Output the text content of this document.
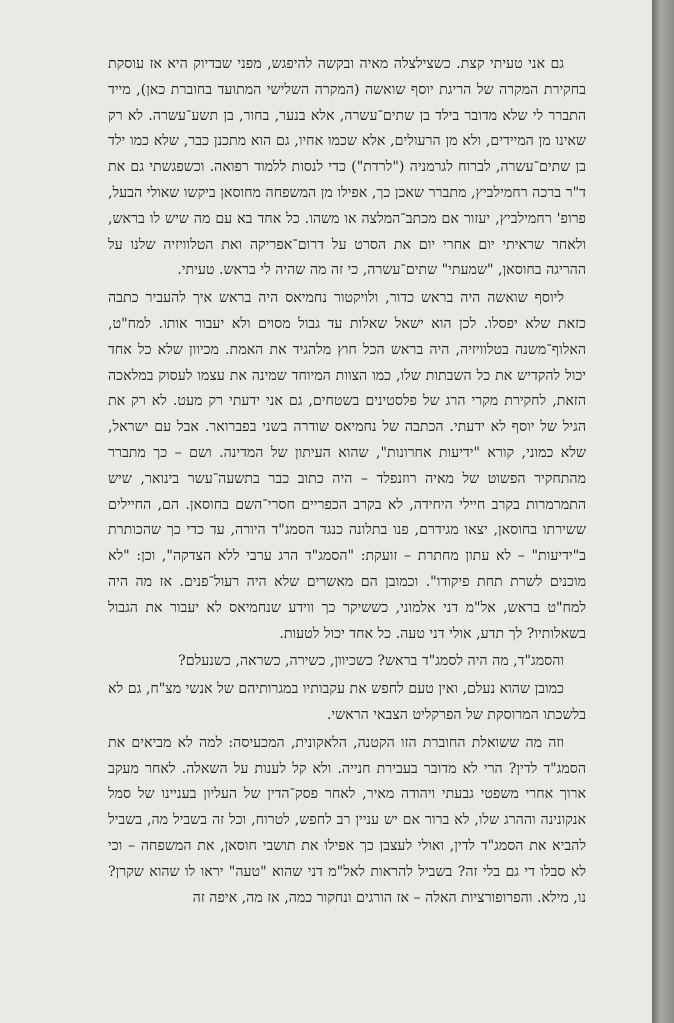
גם אני טעיתי קצת. כשצילצלה מאיה ובקשה להיפגש, מפני שבדיוק היא אז עוסקת בחקירת המקרה של הריגת יוסף שואשה (המקרה השלישי המתועד בחוברת כאן), מייד התברר לי שלא מדובר בילד בן שתים־עשרה, אלא בנער, בחור, בן תשע־עשרה. לא רק שאינו מן המיידים, ולא מן הרעולים, אלא שכמו אחיו, גם הוא מתכנן כבר, שלא כמו ילד בן שתים־עשרה, לברוח לגרמניה ("לרדת") כדי לנסות ללמוד רפואה. וכשפגשתי גם את ד"ר ברכה רחמילביץ, מתברר שאכן כך, אפילו מן המשפחה מחוסאן ביקשו שאולי הבעל, פרופ' רחמילביץ, יעזור אם מכתב־המלצה או משהו. כל אחד בא עם מה שיש לו בראש, ולאחר שראיתי יום אחרי יום את הסרט על דרום־אפריקה ואת הטלוויזיה שלנו על ההריגה בחוסאן, "שמעתי" שתים־עשרה, כי זה מה שהיה לי בראש. טעיתי.

ליוסף שואשה היה בראש כדור, ולויקטור נחמיאס היה בראש איך להעביר כתבה כזאת שלא יפסלו. לכן הוא ישאל שאלות עד גבול מסוים ולא יעבור אותו. למח"ט, האלוף־משנה בטלוויזיה, היה בראש הכל חוץ מלהגיד את האמת. מכיוון שלא כל אחד יכול להקדיש את כל השבתות שלו, כמו הצוות המיוחד שמינה את עצמו לעסוק במלאכה הזאת, לחקירת מקרי הרג של פלסטינים בשטחים, גם אני ידעתי רק מעט. לא רק את הגיל של יוסף לא ידעתי. הכתבה של נחמיאס שודרה בשני בפברואר. אבל עם ישראל, שלא כמוני, קורא "ידיעות אחרונות", שהוא העיתון של המדינה. ושם – כך מתברר מהתחקיר הפשוט של מאיה רוזנפלד – היה כתוב כבר בתשעה־עשר בינואר, שיש התמרמרות בקרב חיילי היחידה, לא בקרב הכפריים חסרי־השם בחוסאן. הם, החיילים ששירתו בחוסאן, יצאו מגידרם, פנו בתלונה כנגד הסמג"ד היורה, עד כדי כך שהכותרת ב"ידיעות" – לא עתון מחתרת – זועקת: "הסמג"ד הרג ערבי ללא הצדקה", וכן: "לא מוכנים לשרת תחת פיקודו". וכמובן הם מאשרים שלא היה רעול־פנים. אז מה היה למח"ט בראש, אל"מ דני אלמוני, כששיקר כך ווידע שנחמיאס לא יעבור את הגבול בשאלותיו? לך תדע, אולי דני טעה. כל אחד יכול לטעות.

והסמג"ד, מה היה לסמג"ד בראש? כשכיוון, כשירה, כשראה, כשנעלם?

כמובן שהוא נעלם, ואין טעם לחפש את עקבותיו במגרותיהם של אנשי מצ"ח, גם לא בלשכתו המרוסקת של הפרקליט הצבאי הראשי.

וזה מה ששואלת החוברת הזו הקטנה, הלאקונית, המכעיסה: למה לא מביאים את הסמג"ד לדין? הרי לא מדובר בעבירת חנייה. ולא קל לענות על השאלה. לאחר מעקב ארוך אחרי משפטי גבעתי ויהודה מאיר, לאחר פסק־הדין של העליון בעניינו של סמל אנקונינה וההרג שלו, לא ברור אם יש עניין רב לחפש, לטרוח, וכל זה בשביל מה, בשביל להביא את הסמג"ד לדין, ואולי לעצבן כך אפילו את תושבי חוסאן, את המשפחה – וכי לא סבלו די גם בלי זה? בשביל להראות לאל"מ דני שהוא "טעה" יראו לו שהוא שקרן? נו, מילא. והפרופורציות האלה – אז הורגים ונחקור כמה, אז מה, איפה זה
